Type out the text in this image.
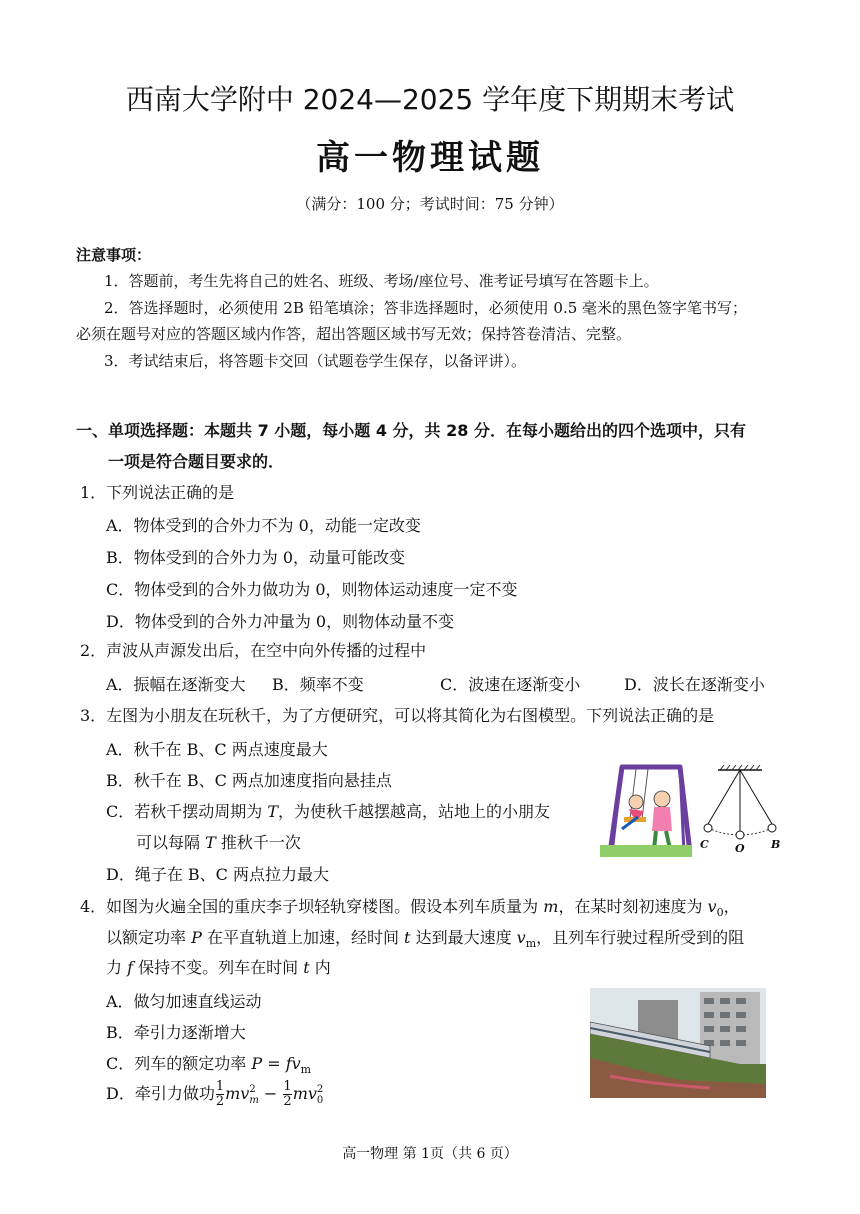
西南大学附中 2024—2025 学年度下期期末考试
高一物理试题
（满分：100 分；考试时间：75 分钟）
注意事项：
1．答题前，考生先将自己的姓名、班级、考场/座位号、准考证号填写在答题卡上。
2．答选择题时，必须使用 2B 铅笔填涂；答非选择题时，必须使用 0.5 毫米的黑色签字笔书写；
必须在题号对应的答题区域内作答，超出答题区域书写无效；保持答卷清洁、完整。
3．考试结束后，将答题卡交回（试题卷学生保存，以备评讲）。
一、单项选择题：本题共 7 小题，每小题 4 分，共 28 分．在每小题给出的四个选项中，只有
一项是符合题目要求的．
1．下列说法正确的是
A．物体受到的合外力不为 0，动能一定改变
B．物体受到的合外力为 0，动量可能改变
C．物体受到的合外力做功为 0，则物体运动速度一定不变
D．物体受到的合外力冲量为 0，则物体动量不变
2．声波从声源发出后，在空中向外传播的过程中
A．振幅在逐渐变大 B．频率不变	C．波速在逐渐变小	D．波长在逐渐变小
3．左图为小朋友在玩秋千，为了方便研究，可以将其简化为右图模型。下列说法正确的是
A．秋千在 B、C 两点速度最大
B．秋千在 B、C 两点加速度指向悬挂点
C．若秋千摆动周期为 T，为使秋千越摆越高，站地上的小朋友
可以每隔 T 推秋千一次
D．绳子在 B、C 两点拉力最大
C O B
4．如图为火遍全国的重庆李子坝轻轨穿楼图。假设本列车质量为 m，在某时刻初速度为 $v_0$，
以额定功率 P 在平直轨道上加速，经时间 t 达到最大速度 $v_m$，且列车行驶过程所受到的阻
力 f 保持不变。列车在时间 t 内
A．做匀加速直线运动
B．牵引力逐渐增大
C．列车的额定功率 $P = fv_m$
D．牵引力做功 $\frac{1}{2}$ mv 2
$m - \frac{1}{2}$ mv 2
0
高一物理 第 1页（共 6 页）
